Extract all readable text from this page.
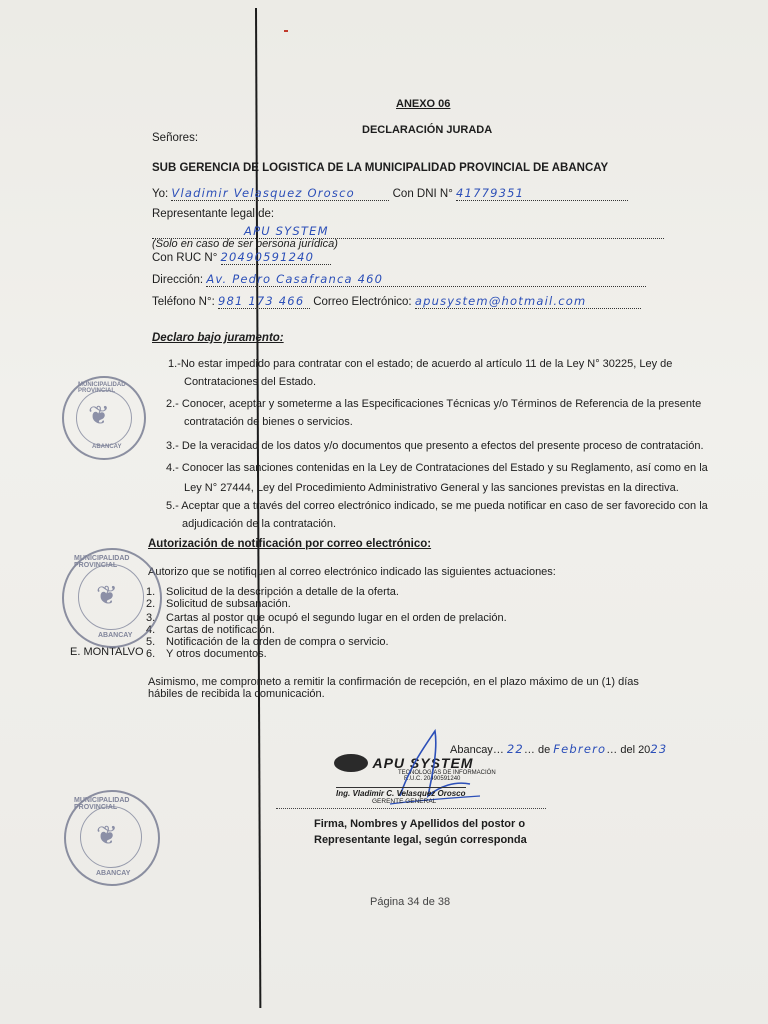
ANEXO 06
DECLARACIÓN JURADA
Señores:
SUB GERENCIA DE LOGISTICA DE LA MUNICIPALIDAD PROVINCIAL DE ABANCAY
Yo: Vladimir Velasquez Orosco	Con DNI N° 41779351
Representante legal de:
APU SYSTEM
(Solo en caso de ser persona jurídica)
Con RUC N° 20490591240
Dirección: Av. Pedro Casafranca 460
Teléfono N°: 981 173 466 Correo Electrónico: apusystem@hotmail.com
Declaro bajo juramento:
1.-No estar impedido para contratar con el estado; de acuerdo al artículo 11 de la Ley N° 30225, Ley de
Contrataciones del Estado.
2.- Conocer, aceptar y someterme a las Especificaciones Técnicas y/o Términos de Referencia de la presente
contratación de bienes o servicios.
3.- De la veracidad de los datos y/o documentos que presento a efectos del presente proceso de contratación.
4.- Conocer las sanciones contenidas en la Ley de Contrataciones del Estado y su Reglamento, así como en la
Ley N° 27444, Ley del Procedimiento Administrativo General y las sanciones previstas en la directiva.
5.- Aceptar que a través del correo electrónico indicado, se me pueda notificar en caso de ser favorecido con la
adjudicación de la contratación.
Autorización de notificación por correo electrónico:
Autorizo que se notifiquen al correo electrónico indicado las siguientes actuaciones:
1. Solicitud de la descripción a detalle de la oferta.
2. Solicitud de subsanación.
3. Cartas al postor que ocupó el segundo lugar en el orden de prelación.
4. Cartas de notificación.
5. Notificación de la orden de compra o servicio.
6. Y otros documentos.
E. MONTALVO
Asimismo, me comprometo a remitir la confirmación de recepción, en el plazo máximo de un (1) días
hábiles de recibida la comunicación.
Abancay… 22… de Febrero… del 2023
APU SYSTEM
TECNOLOGÍAS DE INFORMACIÓN
R.U.C. 20490591240
Ing. Vladimir C. Velasquez Orosco
GERENTE GENERAL
Firma, Nombres y Apellidos del postor o
Representante legal, según corresponda
Página 34 de 38
MUNICIPALIDAD PROVINCIAL
ABANCAY
❦
MUNICIPALIDAD PROVINCIAL
ABANCAY
❦
MUNICIPALIDAD PROVINCIAL
ABANCAY
❦
